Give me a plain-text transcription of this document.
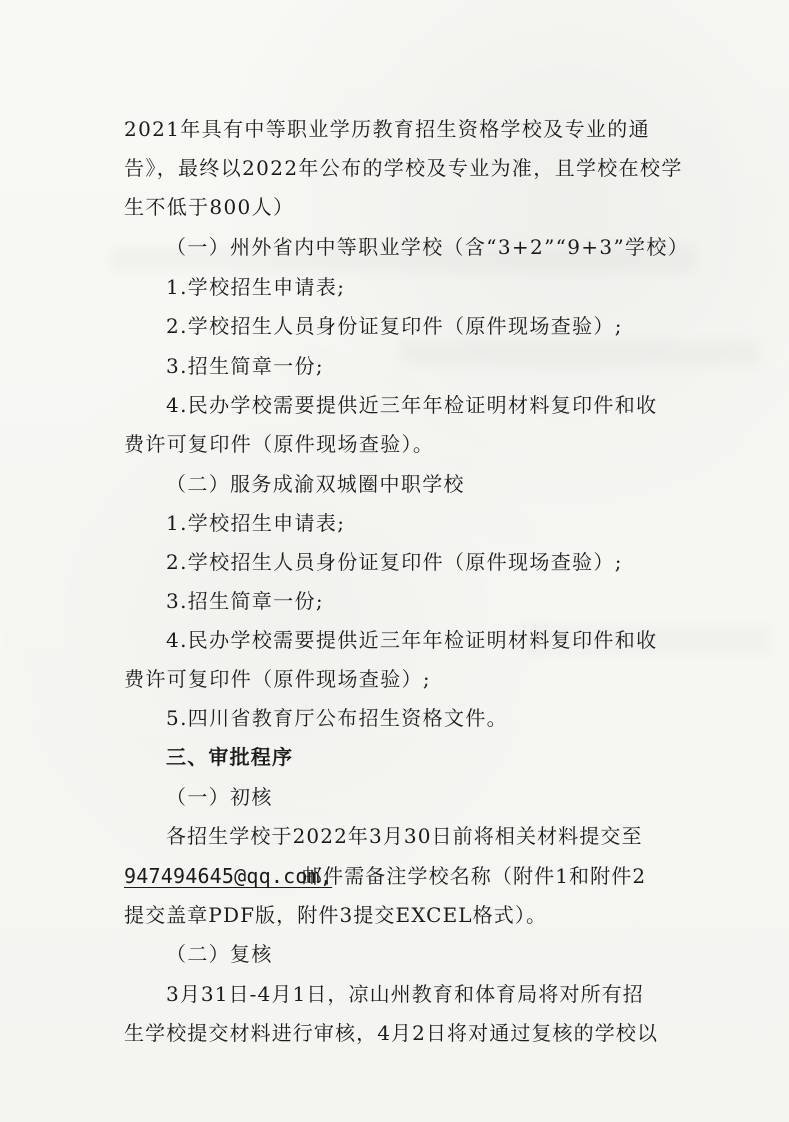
2021年具有中等职业学历教育招生资格学校及专业的通
告》，最终以2022年公布的学校及专业为准，且学校在校学
生不低于800人）
（一）州外省内中等职业学校（含“3+2”“9+3”学校）
1.学校招生申请表;
2.学校招生人员身份证复印件（原件现场查验）;
3.招生简章一份;
4.民办学校需要提供近三年年检证明材料复印件和收
费许可复印件（原件现场查验）。
（二）服务成渝双城圈中职学校
1.学校招生申请表;
2.学校招生人员身份证复印件（原件现场查验）;
3.招生简章一份;
4.民办学校需要提供近三年年检证明材料复印件和收
费许可复印件（原件现场查验）;
5.四川省教育厅公布招生资格文件。
三、审批程序
（一）初核
各招生学校于2022年3月30日前将相关材料提交至
947494645@qq.com,
邮件需备注学校名称（附件1和附件2
提交盖章PDF版，附件3提交EXCEL格式）。
（二）复核
3月31日-4月1日，凉山州教育和体育局将对所有招
生学校提交材料进行审核，4月2日将对通过复核的学校以
